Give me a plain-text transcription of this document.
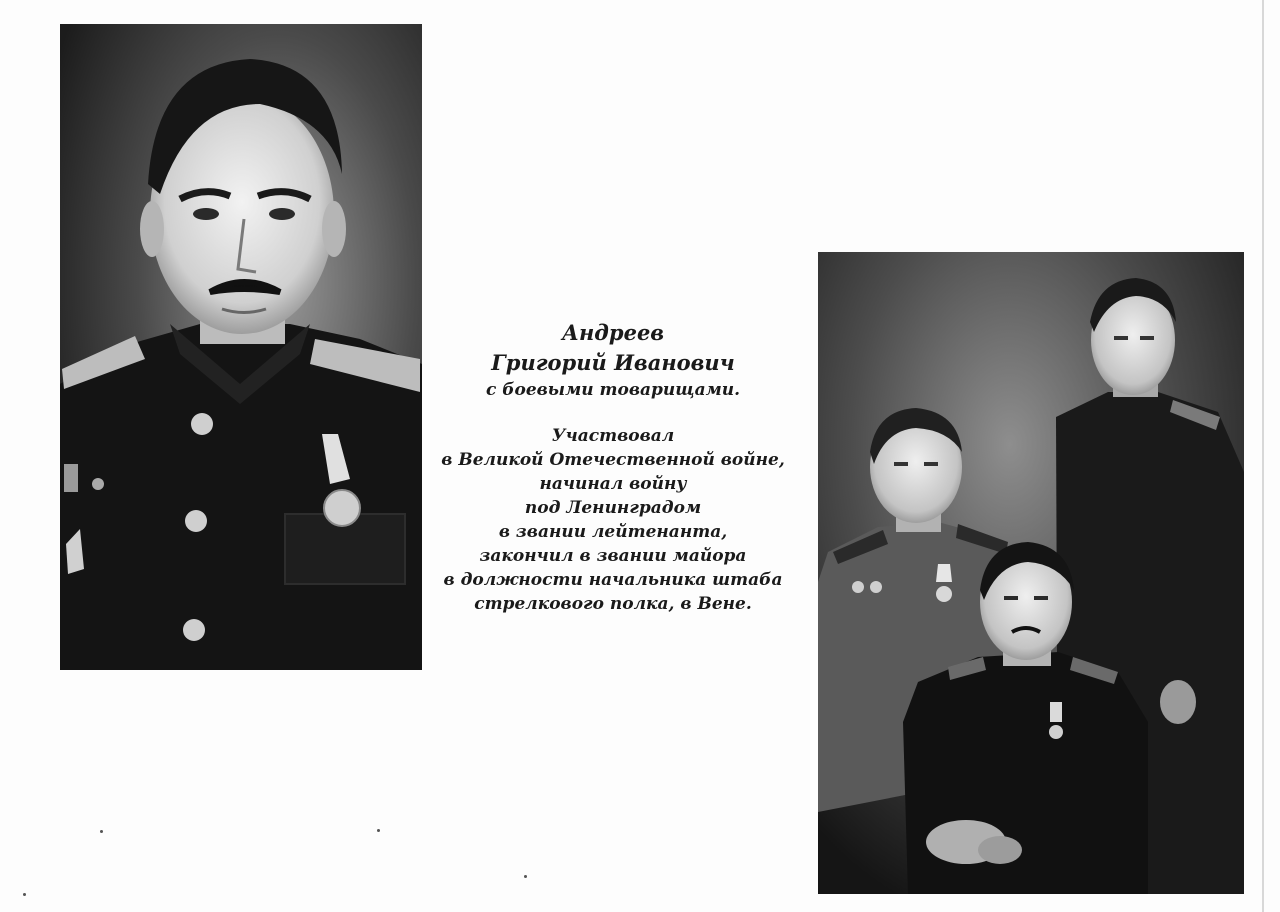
Андреев
Григорий Иванович
с боевыми товарищами.
Участвовал
в Великой Отечественной войне,
начинал войну
под Ленинградом
в звании лейтенанта,
закончил в звании майора
в должности начальника штаба
стрелкового полка, в Вене.
